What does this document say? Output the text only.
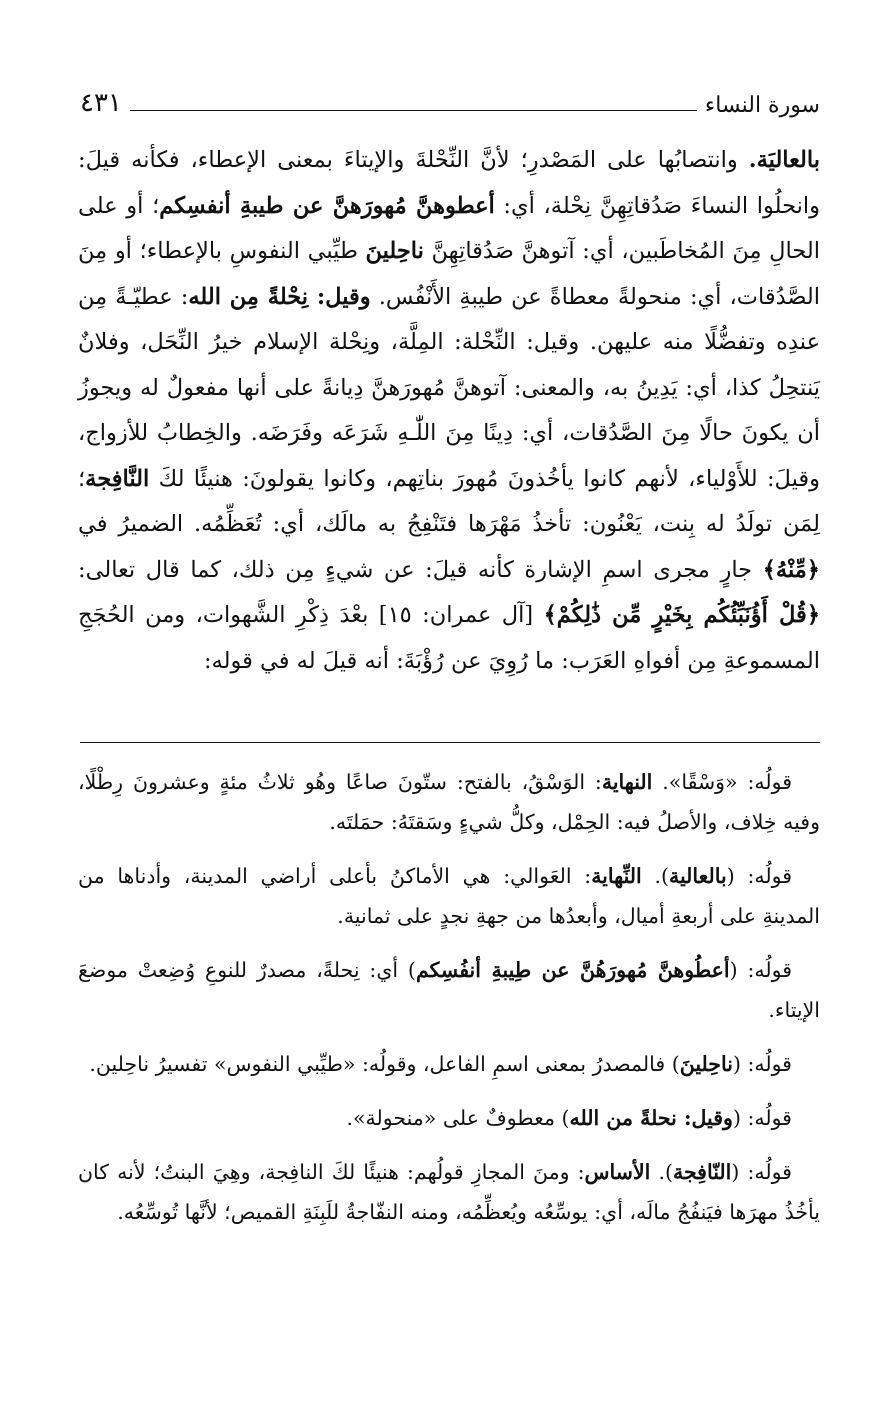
سورة النساء
٤٣١

بالعاليَة. وانتصابُها على المَصْدرِ؛ لأنَّ النِّحْلةَ والإيتاءَ بمعنى الإعطاء، فكأنه قيلَ: وانحلُوا النساءَ صَدُقاتِهِنَّ نِحْلة، أي: أعطوهنَّ مُهورَهنَّ عن طيبةِ أنفسِكم؛ أو على الحالِ مِنَ المُخاطَبين، أي: آتوهنَّ صَدُقاتِهِنَّ ناحِلينَ طيِّبي النفوسِ بالإعطاء؛ أو مِنَ الصَّدُقات، أي: منحولةً معطاةً عن طيبةِ الأَنْفُس. وقيل: نِحْلةً مِن الله: عطيّـةً مِن عندِه وتفضُّلًا منه عليهن. وقيل: النِّحْلة: المِلَّة، ونِحْلة الإسلام خيرُ النِّحَل، وفلانٌ يَنتحِلُ كذا، أي: يَدِينُ به، والمعنى: آتوهنَّ مُهورَهنَّ دِيانةً على أنها مفعولٌ له ويجوزُ أن يكونَ حالًا مِنَ الصَّدُقات، أي: دِينًا مِنَ اللّٰـهِ شَرَعَه وفَرَضَه. والخِطابُ للأزواج، وقيلَ: للأَوْلياء، لأنهم كانوا يأخُذونَ مُهورَ بناتِهم، وكانوا يقولونَ: هنيئًا لكَ النَّافِجة؛ لِمَن تولَدُ له بِنت، يَعْنُون: تأخذُ مَهْرَها فتَنْفِجُ به مالَك، أي: تُعَظِّمُه. الضميرُ في ﴿مِّنْهُ﴾ جارٍ مجرى اسمِ الإشارة كأنه قيلَ: عن شيءٍ مِن ذلك، كما قال تعالى: ﴿قُلْ أَؤُنَبِّئُكُم بِخَيْرٍ مِّن ذَٰلِكُمْ﴾ [آل عمران: ١٥] بعْدَ ذِكْرِ الشَّهوات، ومن الحُجَجِ المسموعةِ مِن أفواهِ العَرَب: ما رُوِيَ عن رُؤْبَةَ: أنه قيلَ له في قوله:

قولُه: «وَسْقًا». النهاية: الوَسْقُ، بالفتح: ستّونَ صاعًا وهُو ثلاثُ مئةٍ وعشرونَ رِطْلًا، وفيه خِلاف، والأصلُ فيه: الحِمْل، وكلُّ شيءٍ وسَقتَهُ: حمَلتَه.

قولُه: (بالعالية). النِّهاية: العَوالي: هي الأماكنُ بأعلى أراضي المدينة، وأدناها من المدينةِ على أربعةِ أميال، وأبعدُها من جهةِ نجدٍ على ثمانية.

قولُه: (أعطُوهنَّ مُهورَهُنَّ عن طِيبةِ أنفُسِكم) أي: نِحلةً، مصدرٌ للنوعِ وُضِعتْ موضعَ الإيتاء.

قولُه: (ناحِلينَ) فالمصدرُ بمعنى اسمِ الفاعل، وقولُه: «طيِّبي النفوس» تفسيرُ ناحِلين.

قولُه: (وقيل: نحلةً من الله) معطوفٌ على «منحولة».

قولُه: (النّافِجة). الأساس: ومنَ المجازِ قولُهم: هنيئًا لكَ النافِجة، وهِيَ البنتُ؛ لأنه كان يأخُذُ مهرَها فيَنفُجُ مالَه، أي: يوسِّعُه ويُعظِّمُه، ومنه النفّاجةُ للَبِنَةِ القميص؛ لأنَّها تُوسِّعُه.
